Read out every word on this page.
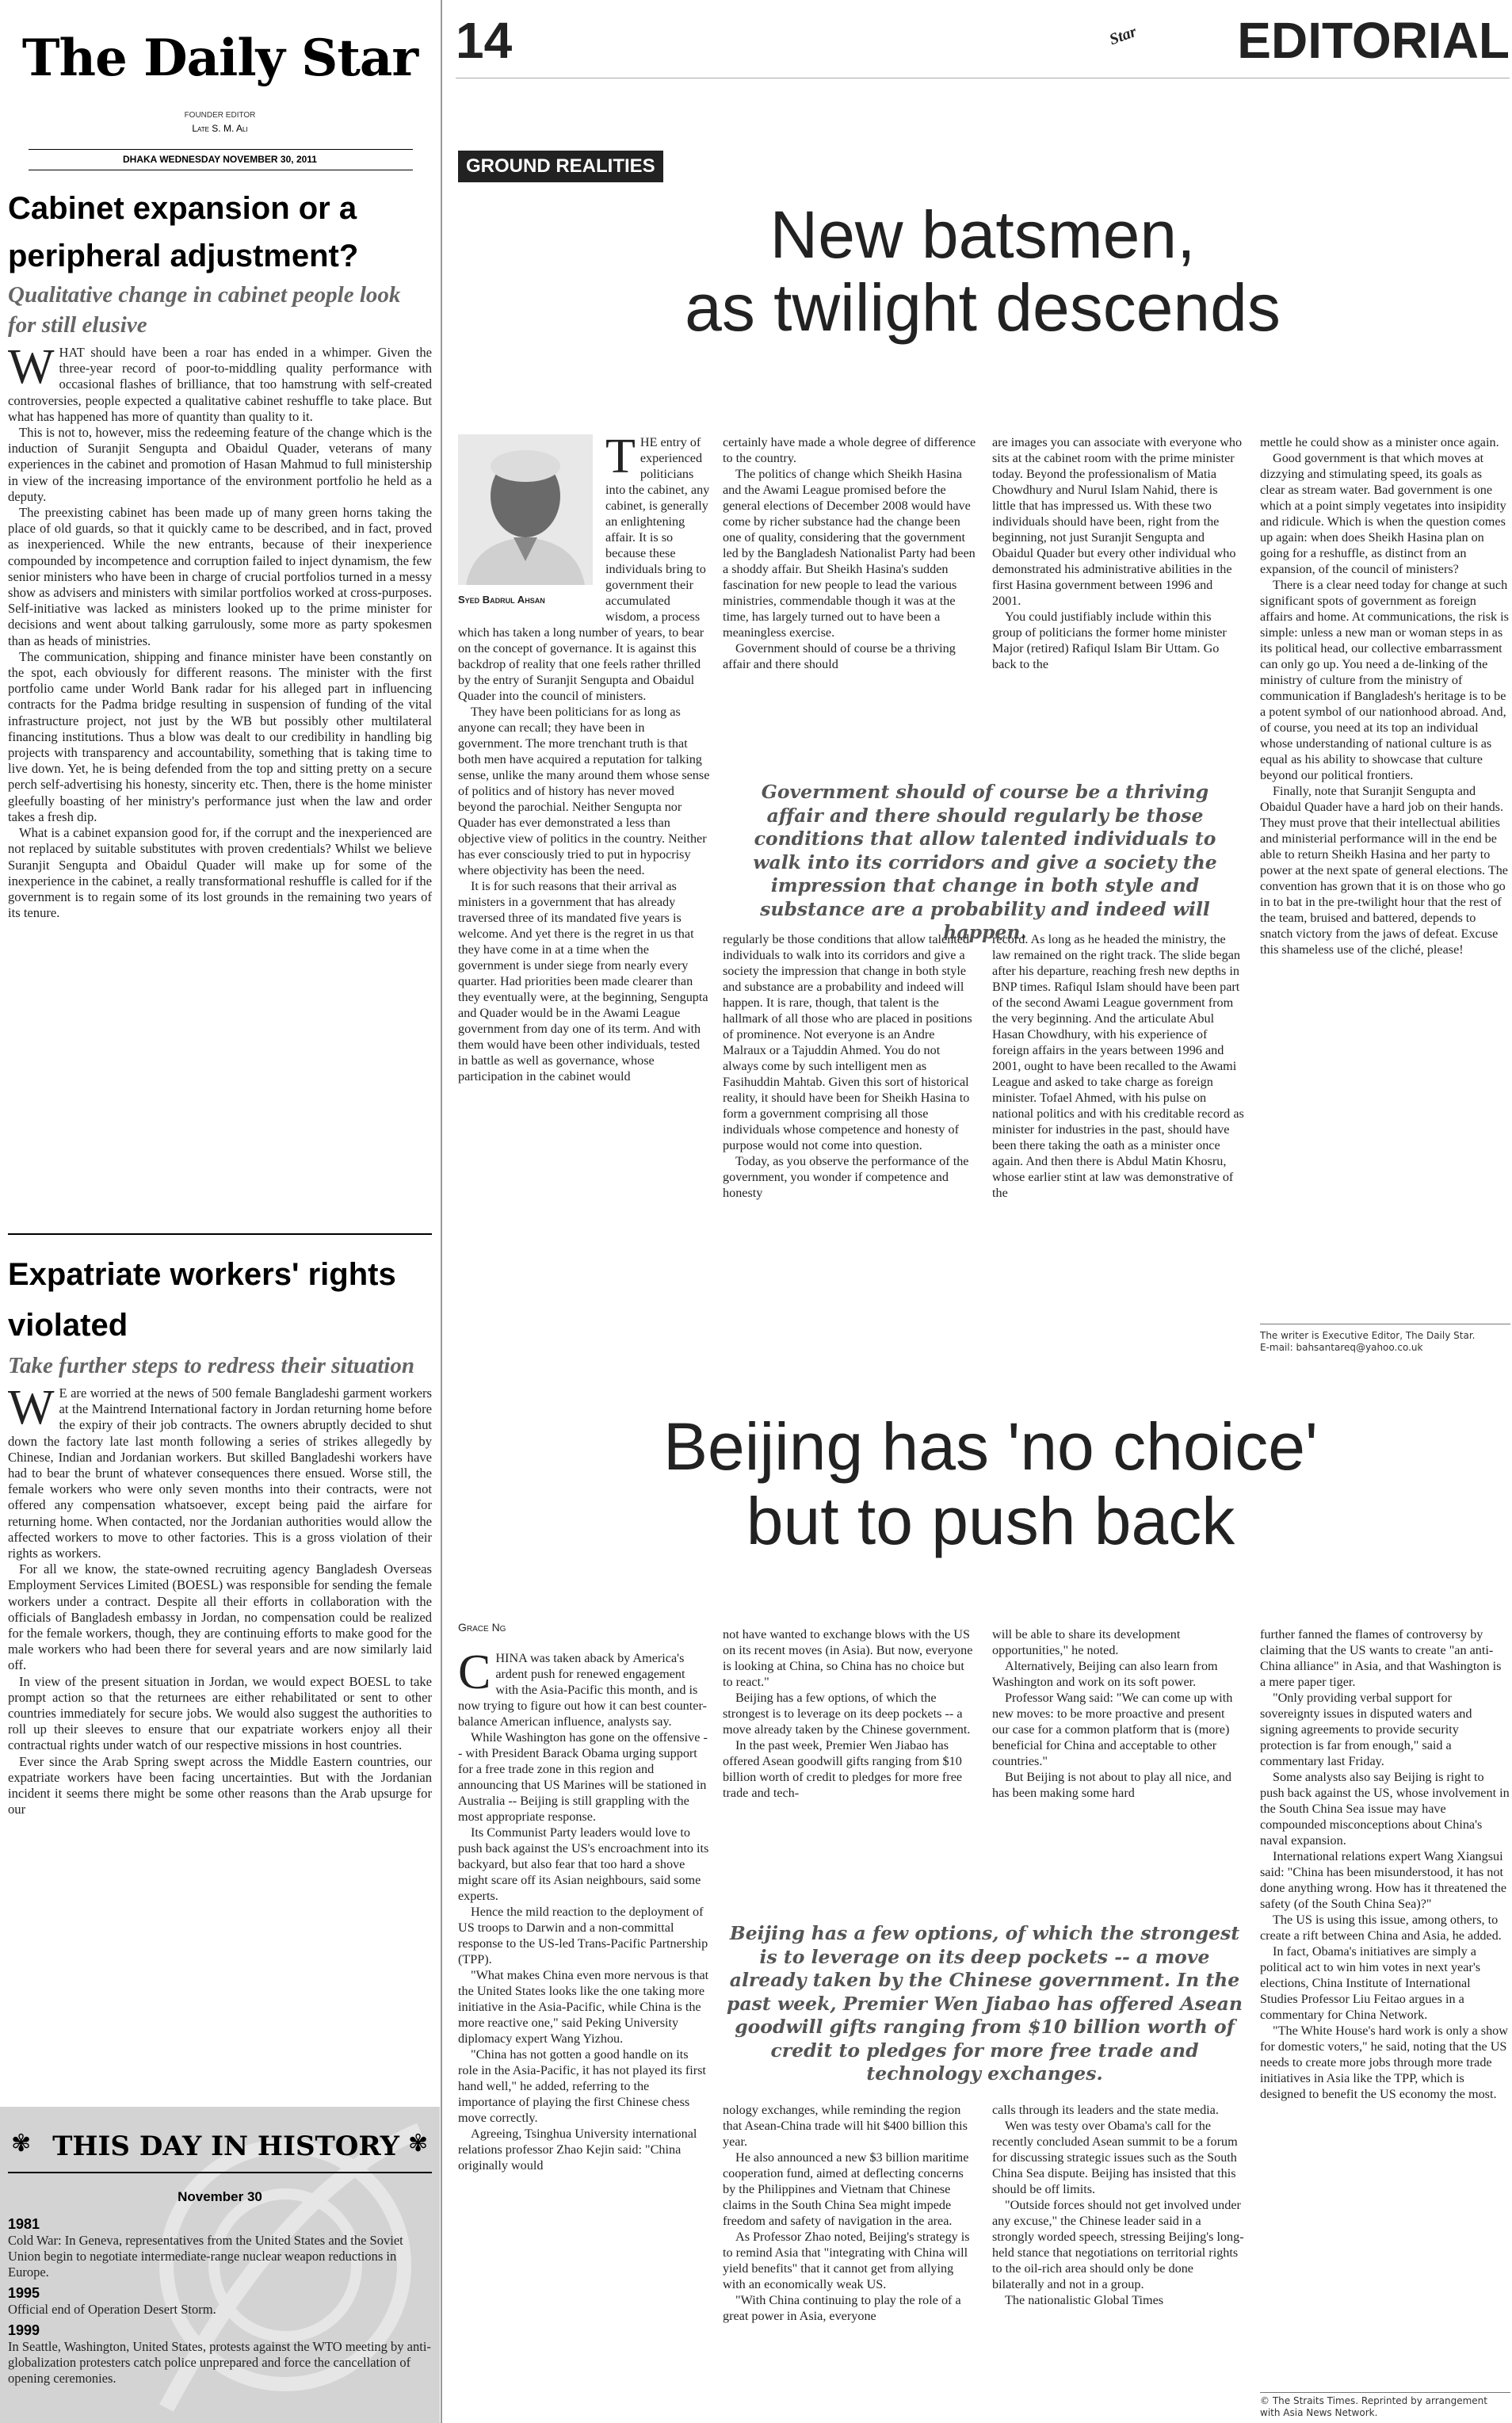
The Daily Star
FOUNDER EDITOR
Late S. M. Ali
DHAKA WEDNESDAY NOVEMBER 30, 2011
Cabinet expansion or a peripheral adjustment?
Qualitative change in cabinet people look for still elusive

WHAT should have been a roar has ended in a whimper. Given the three-year record of poor-to-middling quality performance with occasional flashes of brilliance, that too hamstrung with self-created controversies, people expected a qualitative cabinet reshuffle to take place. But what has happened has more of quantity than quality to it.

This is not to, however, miss the redeeming feature of the change which is the induction of Suranjit Sengupta and Obaidul Quader, veterans of many experiences in the cabinet and promotion of Hasan Mahmud to full ministership in view of the increasing importance of the environment portfolio he held as a deputy.

The preexisting cabinet has been made up of many green horns taking the place of old guards, so that it quickly came to be described, and in fact, proved as inexperienced. While the new entrants, because of their inexperience compounded by incompetence and corruption failed to inject dynamism, the few senior ministers who have been in charge of crucial portfolios turned in a messy show as advisers and ministers with similar portfolios worked at cross-purposes. Self-initiative was lacked as ministers looked up to the prime minister for decisions and went about talking garrulously, some more as party spokesmen than as heads of ministries.

The communication, shipping and finance minister have been constantly on the spot, each obviously for different reasons. The minister with the first portfolio came under World Bank radar for his alleged part in influencing contracts for the Padma bridge resulting in suspension of funding of the vital infrastructure project, not just by the WB but possibly other multilateral financing institutions. Thus a blow was dealt to our credibility in handling big projects with transparency and accountability, something that is taking time to live down. Yet, he is being defended from the top and sitting pretty on a secure perch self-advertising his honesty, sincerity etc. Then, there is the home minister gleefully boasting of her ministry's performance just when the law and order takes a fresh dip.

What is a cabinet expansion good for, if the corrupt and the inexperienced are not replaced by suitable substitutes with proven credentials? Whilst we believe Suranjit Sengupta and Obaidul Quader will make up for some of the inexperience in the cabinet, a really transformational reshuffle is called for if the government is to regain some of its lost grounds in the remaining two years of its tenure.

Expatriate workers' rights violated
Take further steps to redress their situation

W E are worried at the news of 500 female Bangladeshi garment workers at the Maintrend International factory in Jordan returning home before the expiry of their job contracts. The owners abruptly decided to shut down the factory late last month following a series of strikes allegedly by Chinese, Indian and Jordanian workers. But skilled Bangladeshi workers have had to bear the brunt of whatever consequences there ensued. Worse still, the female workers who were only seven months into their contracts, were not offered any compensation whatsoever, except being paid the airfare for returning home. When contacted, nor the Jordanian authorities would allow the affected workers to move to other factories. This is a gross violation of their rights as workers.

For all we know, the state-owned recruiting agency Bangladesh Overseas Employment Services Limited (BOESL) was responsible for sending the female workers under a contract. Despite all their efforts in collaboration with the officials of Bangladesh embassy in Jordan, no compensation could be realized for the female workers, though, they are continuing efforts to make good for the male workers who had been there for several years and are now similarly laid off.

In view of the present situation in Jordan, we would expect BOESL to take prompt action so that the returnees are either rehabilitated or sent to other countries immediately for secure jobs. We would also suggest the authorities to roll up their sleeves to ensure that our expatriate workers enjoy all their contractual rights under watch of our respective missions in host countries.

Ever since the Arab Spring swept across the Middle Eastern countries, our expatriate workers have been facing uncertainties. But with the Jordanian incident it seems there might be some other reasons than the Arab upsurge for our

✾ THIS DAY IN HISTORY ✾
November 30
1981
Cold War: In Geneva, representatives from the United States and the Soviet Union begin to negotiate intermediate-range nuclear weapon reductions in Europe.
1995
Official end of Operation Desert Storm.
1999
In Seattle, Washington, United States, protests against the WTO meeting by anti-globalization protesters catch police unprepared and force the cancellation of opening ceremonies.
14	Star	EDITORIAL
GROUND REALITIES
New batsmen,
as twilight descends
Syed Badrul Ahsan

THE entry of experienced politicians into the cabinet, any cabinet, is generally an enlightening affair. It is so because these individuals bring to government their accumulated wisdom, a process which has taken a long number of years, to bear on the concept of governance. It is against this backdrop of reality that one feels rather thrilled by the entry of Suranjit Sengupta and Obaidul Quader into the council of ministers.

They have been politicians for as long as anyone can recall; they have been in government. The more trenchant truth is that both men have acquired a reputation for talking sense, unlike the many around them whose sense of politics and of history has never moved beyond the parochial. Neither Sengupta nor Quader has ever demonstrated a less than objective view of politics in the country. Neither has ever consciously tried to put in hypocrisy where objectivity has been the need.

It is for such reasons that their arrival as ministers in a government that has already traversed three of its mandated five years is welcome. And yet there is the regret in us that they have come in at a time when the government is under siege from nearly every quarter. Had priorities been made clearer than they eventually were, at the beginning, Sengupta and Quader would be in the Awami League government from day one of its term. And with them would have been other individuals, tested in battle as well as governance, whose participation in the cabinet would

certainly have made a whole degree of difference to the country.

The politics of change which Sheikh Hasina and the Awami League promised before the general elections of December 2008 would have come by richer substance had the change been one of quality, considering that the government led by the Bangladesh Nationalist Party had been a shoddy affair. But Sheikh Hasina's sudden fascination for new people to lead the various ministries, commendable though it was at the time, has largely turned out to have been a meaningless exercise.

Government should of course be a thriving affair and there should

are images you can associate with everyone who sits at the cabinet room with the prime minister today. Beyond the professionalism of Matia Chowdhury and Nurul Islam Nahid, there is little that has impressed us. With these two individuals should have been, right from the beginning, not just Suranjit Sengupta and Obaidul Quader but every other individual who demonstrated his administrative abilities in the first Hasina government between 1996 and 2001.

You could justifiably include within this group of politicians the former home minister Major (retired) Rafiqul Islam Bir Uttam. Go back to the

Government should of course be a thriving affair and there should regularly be those conditions that allow talented individuals to walk into its corridors and give a society the impression that change in both style and substance are a probability and indeed will happen.

regularly be those conditions that allow talented individuals to walk into its corridors and give a society the impression that change in both style and substance are a probability and indeed will happen. It is rare, though, that talent is the hallmark of all those who are placed in positions of prominence. Not everyone is an Andre Malraux or a Tajuddin Ahmed. You do not always come by such intelligent men as Fasihuddin Mahtab. Given this sort of historical reality, it should have been for Sheikh Hasina to form a government comprising all those individuals whose competence and honesty of purpose would not come into question.

Today, as you observe the performance of the government, you wonder if competence and honesty

record. As long as he headed the ministry, the law remained on the right track. The slide began after his departure, reaching fresh new depths in BNP times. Rafiqul Islam should have been part of the second Awami League government from the very beginning. And the articulate Abul Hasan Chowdhury, with his experience of foreign affairs in the years between 1996 and 2001, ought to have been recalled to the Awami League and asked to take charge as foreign minister. Tofael Ahmed, with his pulse on national politics and with his creditable record as minister for industries in the past, should have been there taking the oath as a minister once again. And then there is Abdul Matin Khosru, whose earlier stint at law was demonstrative of the

mettle he could show as a minister once again.

Good government is that which moves at dizzying and stimulating speed, its goals as clear as stream water. Bad government is one which at a point simply vegetates into insipidity and ridicule. Which is when the question comes up again: when does Sheikh Hasina plan on going for a reshuffle, as distinct from an expansion, of the council of ministers?

There is a clear need today for change at such significant spots of government as foreign affairs and home. At communications, the risk is simple: unless a new man or woman steps in as its political head, our collective embarrassment can only go up. You need a de-linking of the ministry of culture from the ministry of communication if Bangladesh's heritage is to be a potent symbol of our nationhood abroad. And, of course, you need at its top an individual whose understanding of national culture is as equal as his ability to showcase that culture beyond our political frontiers.

Finally, note that Suranjit Sengupta and Obaidul Quader have a hard job on their hands. They must prove that their intellectual abilities and ministerial performance will in the end be able to return Sheikh Hasina and her party to power at the next spate of general elections. The convention has grown that it is on those who go in to bat in the pre-twilight hour that the rest of the team, bruised and battered, depends to snatch victory from the jaws of defeat. Excuse this shameless use of the cliché, please!

The writer is Executive Editor, The Daily Star.
E-mail: bahsantareq@yahoo.co.uk
Beijing has 'no choice'
but to push back
Grace Ng

CHINA was taken aback by America's ardent push for renewed engagement with the Asia-Pacific this month, and is now trying to figure out how it can best counter-balance American influence, analysts say.

While Washington has gone on the offensive -- with President Barack Obama urging support for a free trade zone in this region and announcing that US Marines will be stationed in Australia -- Beijing is still grappling with the most appropriate response.

Its Communist Party leaders would love to push back against the US's encroachment into its backyard, but also fear that too hard a shove might scare off its Asian neighbours, said some experts.

Hence the mild reaction to the deployment of US troops to Darwin and a non-committal response to the US-led Trans-Pacific Partnership (TPP).

"What makes China even more nervous is that the United States looks like the one taking more initiative in the Asia-Pacific, while China is the more reactive one," said Peking University diplomacy expert Wang Yizhou.

"China has not gotten a good handle on its role in the Asia-Pacific, it has not played its first hand well," he added, referring to the importance of playing the first Chinese chess move correctly.

Agreeing, Tsinghua University international relations professor Zhao Kejin said: "China originally would

not have wanted to exchange blows with the US on its recent moves (in Asia). But now, everyone is looking at China, so China has no choice but to react."

Beijing has a few options, of which the strongest is to leverage on its deep pockets -- a move already taken by the Chinese government.

In the past week, Premier Wen Jiabao has offered Asean goodwill gifts ranging from $10 billion worth of credit to pledges for more free trade and tech-

will be able to share its development opportunities," he noted.

Alternatively, Beijing can also learn from Washington and work on its soft power.

Professor Wang said: "We can come up with new moves: to be more proactive and present our case for a common platform that is (more) beneficial for China and acceptable to other countries."

But Beijing is not about to play all nice, and has been making some hard

Beijing has a few options, of which the strongest is to leverage on its deep pockets -- a move already taken by the Chinese government. In the past week, Premier Wen Jiabao has offered Asean goodwill gifts ranging from $10 billion worth of credit to pledges for more free trade and technology exchanges.

nology exchanges, while reminding the region that Asean-China trade will hit $400 billion this year.

He also announced a new $3 billion maritime cooperation fund, aimed at deflecting concerns by the Philippines and Vietnam that Chinese claims in the South China Sea might impede freedom and safety of navigation in the area.

As Professor Zhao noted, Beijing's strategy is to remind Asia that "integrating with China will yield benefits" that it cannot get from allying with an economically weak US.

"With China continuing to play the role of a great power in Asia, everyone

calls through its leaders and the state media.

Wen was testy over Obama's call for the recently concluded Asean summit to be a forum for discussing strategic issues such as the South China Sea dispute. Beijing has insisted that this should be off limits.

"Outside forces should not get involved under any excuse," the Chinese leader said in a strongly worded speech, stressing Beijing's long-held stance that negotiations on territorial rights to the oil-rich area should only be done bilaterally and not in a group.

The nationalistic Global Times

further fanned the flames of controversy by claiming that the US wants to create "an anti-China alliance" in Asia, and that Washington is a mere paper tiger.

"Only providing verbal support for sovereignty issues in disputed waters and signing agreements to provide security protection is far from enough," said a commentary last Friday.

Some analysts also say Beijing is right to push back against the US, whose involvement in the South China Sea issue may have compounded misconceptions about China's naval expansion.

International relations expert Wang Xiangsui said: "China has been misunderstood, it has not done anything wrong. How has it threatened the safety (of the South China Sea)?"

The US is using this issue, among others, to create a rift between China and Asia, he added.

In fact, Obama's initiatives are simply a political act to win him votes in next year's elections, China Institute of International Studies Professor Liu Feitao argues in a commentary for China Network.

"The White House's hard work is only a show for domestic voters," he said, noting that the US needs to create more jobs through more trade initiatives in Asia like the TPP, which is designed to benefit the US economy the most.

© The Straits Times. Reprinted by arrangement
with Asia News Network.
